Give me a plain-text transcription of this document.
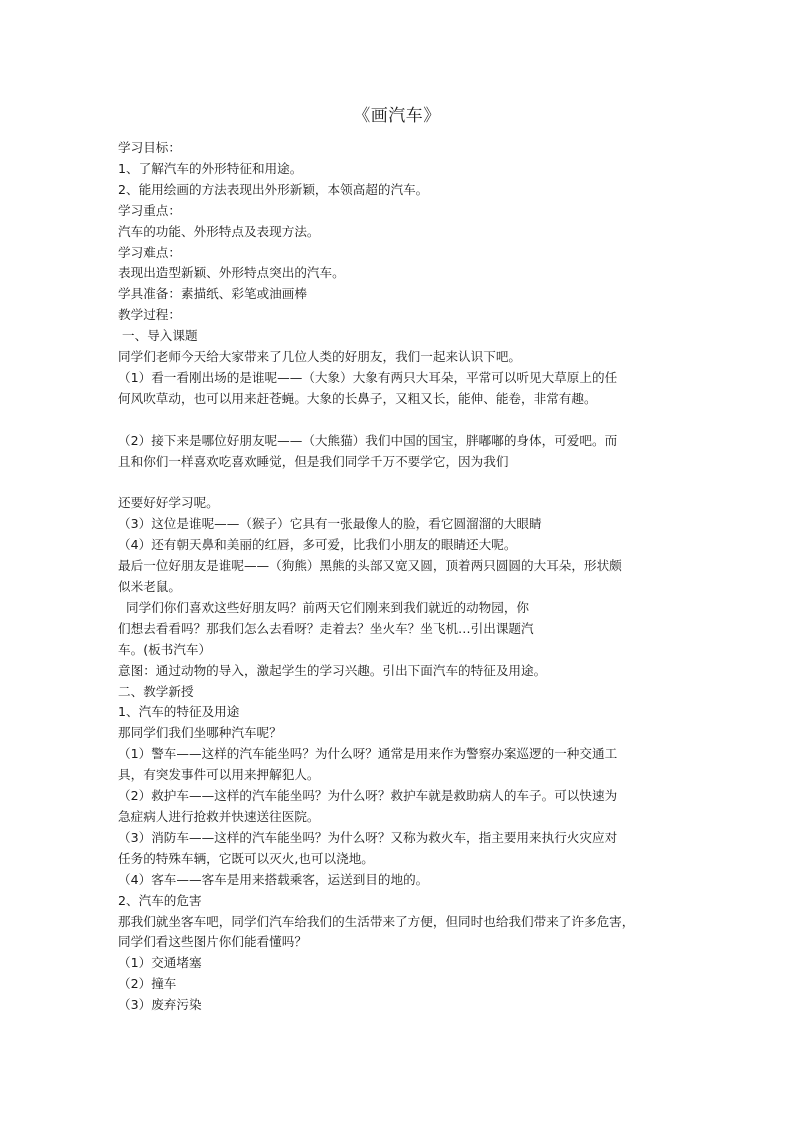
《画汽车》

学习目标：

1、了解汽车的外形特征和用途。

2、能用绘画的方法表现出外形新颖，本领高超的汽车。

学习重点：

汽车的功能、外形特点及表现方法。

学习难点：

表现出造型新颖、外形特点突出的汽车。

学具准备：素描纸、彩笔或油画棒

教学过程：

一、导入课题

同学们老师今天给大家带来了几位人类的好朋友，我们一起来认识下吧。

（1）看一看刚出场的是谁呢——（大象）大象有两只大耳朵，平常可以听见大草原上的任

何风吹草动，也可以用来赶苍蝇。大象的长鼻子，又粗又长，能伸、能卷，非常有趣。

（2）接下来是哪位好朋友呢——（大熊猫）我们中国的国宝，胖嘟嘟的身体，可爱吧。而

且和你们一样喜欢吃喜欢睡觉，但是我们同学千万不要学它，因为我们

还要好好学习呢。

（3）这位是谁呢——（猴子）它具有一张最像人的脸，看它圆溜溜的大眼睛

（4）还有朝天鼻和美丽的红唇，多可爱，比我们小朋友的眼睛还大呢。

最后一位好朋友是谁呢——（狗熊）黑熊的头部又宽又圆，顶着两只圆圆的大耳朵，形状颇

似米老鼠。

同学们你们喜欢这些好朋友吗？前两天它们刚来到我们就近的动物园，你

们想去看看吗？那我们怎么去看呀？走着去？坐火车？坐飞机…引出课题汽

车。(板书汽车）

意图：通过动物的导入，激起学生的学习兴趣。引出下面汽车的特征及用途。

二、教学新授

1、汽车的特征及用途

那同学们我们坐哪种汽车呢？

（1）警车——这样的汽车能坐吗？为什么呀？通常是用来作为警察办案巡逻的一种交通工

具，有突发事件可以用来押解犯人。

（2）救护车——这样的汽车能坐吗？为什么呀？救护车就是救助病人的车子。可以快速为

急症病人进行抢救并快速送往医院。

（3）消防车——这样的汽车能坐吗？为什么呀？又称为救火车，指主要用来执行火灾应对

任务的特殊车辆，它既可以灭火,也可以浇地。

（4）客车——客车是用来搭载乘客，运送到目的地的。

2、汽车的危害

那我们就坐客车吧，同学们汽车给我们的生活带来了方便，但同时也给我们带来了许多危害，

同学们看这些图片你们能看懂吗？

（1）交通堵塞

（2）撞车

（3）废弃污染
